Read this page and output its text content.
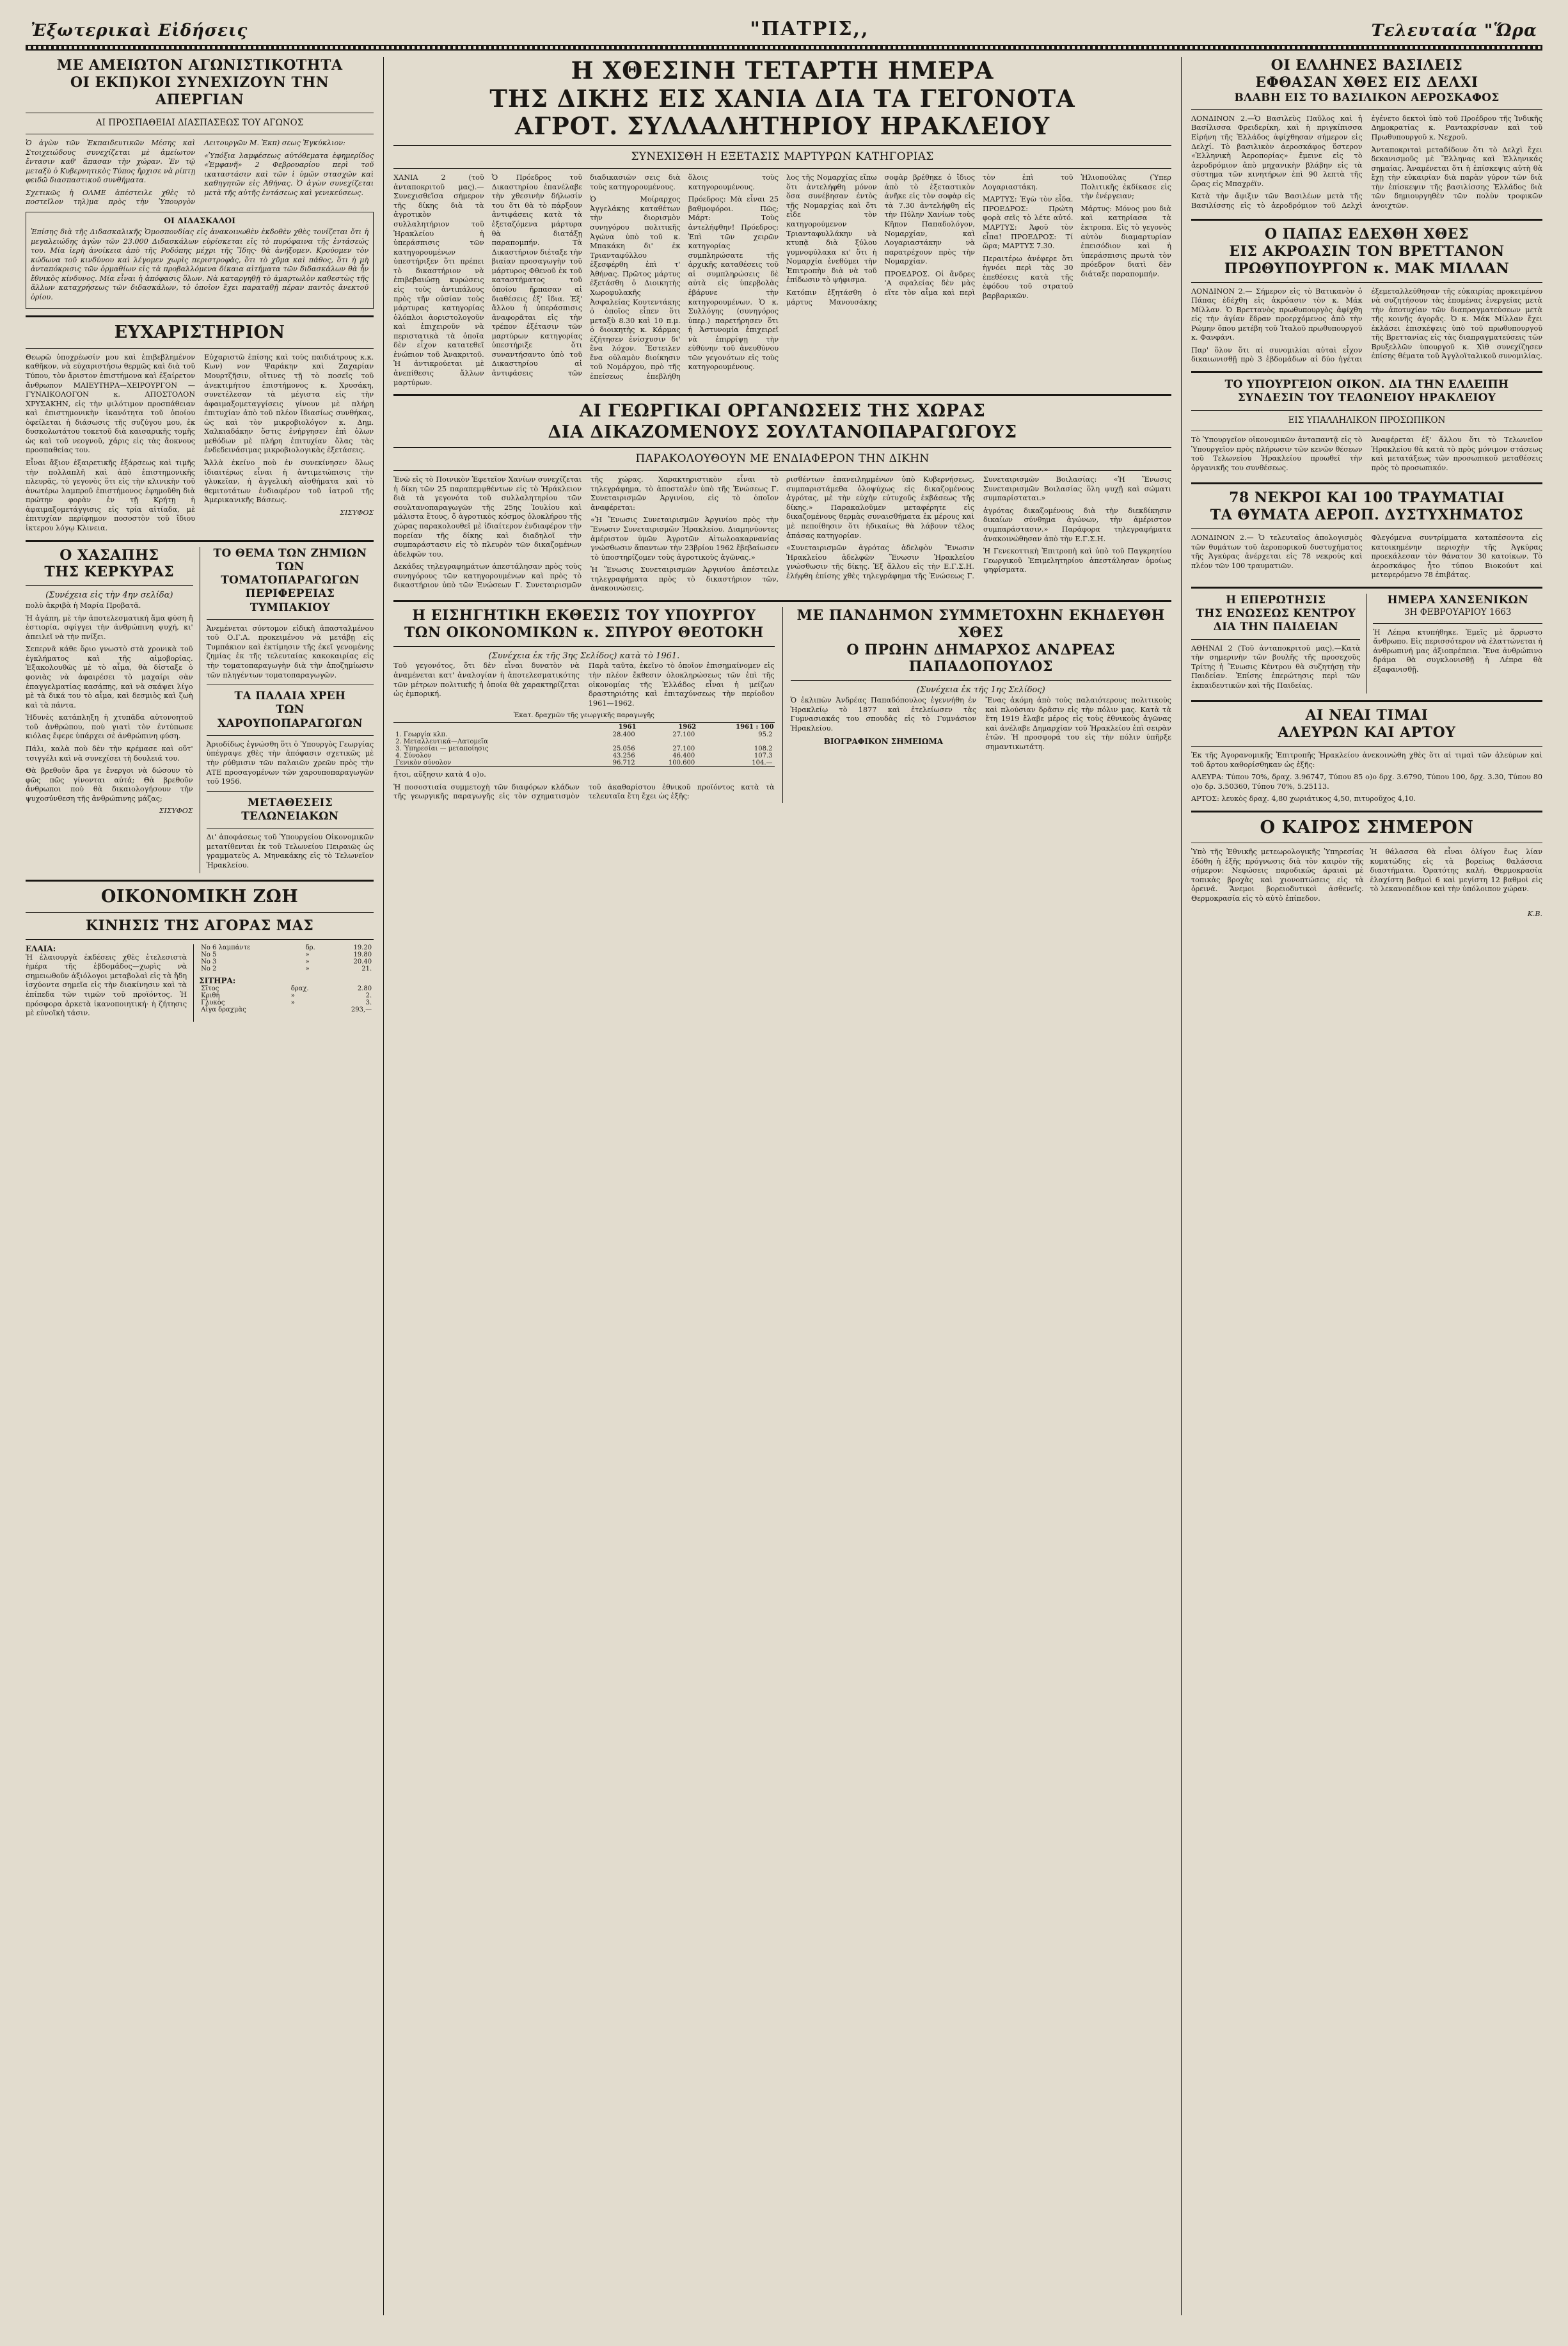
Ἐξωτερικαὶ Εἰδήσεις	"ΠΑΤΡΙΣ,,	Τελευταία "Ὥρα
ΜΕ ΑΜΕΙΩΤΟΝ ΑΓΩΝΙΣΤΙΚΟΤΗΤΑ
ΟΙ ΕΚΠ)ΚΟΙ ΣΥΝΕΧΙΖΟΥΝ ΤΗΝ ΑΠΕΡΓΙΑΝ
ΑΙ ΠΡΟΣΠΑΘΕΙΑΙ ΔΙΑΣΠΑΣΕΩΣ ΤΟΥ ΑΓΩΝΟΣ

Ὁ ἀγὼν τῶν Ἐκπαιδευτικῶν Μέσης καὶ Στοιχειώδους συνεχίζεται μὲ ἀμείωτον ἔντασιν καθ' ἅπασαν τὴν χώραν. Ἐν τῷ μεταξὺ ὁ Κυβερνητικὸς Τύπος ἤρχισε νὰ ρίπτῃ φειδῶ διασπαστικοῦ συνθήματα.

Σχετικῶς ἡ ΟΛΜΕ ἀπέστειλε χθὲς τὸ ποστεῖλον τηλ)μα πρὸς τὴν Ὑπουργὸν Λειτουργῶν Μ. Ἐκπ) σεως Ἐγκύκλιον:

«Ὑπόξια λαμφέσεως αὐτόθεματα ἐφημερίδος «Ἐμφανῆ» 2 Φεβρουαρίου περὶ τοῦ ικαταστάσιν καὶ τῶν ἱ ὑμῶν στασχῶν καὶ καθηγητῶν εἰς Ἀθήνας. Ὁ ἀγὼν συνεχίζεται μετὰ τῆς αὐτῆς ἐντάσεως καὶ γενικεύσεως.

ΟΙ ΔΙΔΑΣΚΑΛΟΙ

Ἐπίσης διὰ τῆς Διδασκαλικῆς Ὁμοσπονδίας εἰς ἀνακοινωθὲν ἐκδοθὲν χθὲς τονίζεται ὅτι ἡ μεγαλειώδης ἀγὼν τῶν 23.000 Διδασκάλων εὑρίσκεται εἰς τὸ πυρόφαινα τῆς ἐντάσεώς του. Μία ἱερὴ ἀνοίκεια ἀπὸ τῆς Ροδόπης μέχρι τῆς Ἵδης· θὰ ἀνήξομεν. Κρούομεν τὸν κώδωνα τοῦ κινδύνου καὶ λέγομεν χωρὶς περιστροφὰς, ὅτι τὸ χῦμα καὶ πάθος, ὅτι ἡ μὴ ἀνταπόκρισις τῶν ὁρμαθίων εἰς τὰ προβαλλόμενα δίκαια αἰτήματα τῶν διδασκάλων θὰ ἦν ἔθνικὸς κίνδυνος. Μία εἶναι ἡ ἀπόφασις ὅλων. Νὰ καταργηθῇ τὸ ἀμαρτωλὸν καθεστὼς τῆς ἄλλων καταχρήσεως τῶν διδασκάλων, τὸ ὁποῖον ἔχει παραταθῇ πέραν παντὸς ἀνεκτοῦ ὁρίου.

ΕΥΧΑΡΙΣΤΗΡΙΟΝ

Θεωρῶ ὑποχρέωσίν μου καὶ ἐπιβεβλημένον καθῆκον, νὰ εὐχαριστήσω θερμῶς καὶ διὰ τοῦ Τύπου, τὸν ἄριστον ἐπιστήμονα καὶ ἐξαίρετον ἄνθρωπον ΜΑΙΕΥΤΗΡΑ—ΧΕΙΡΟΥΡΓΟΝ — ΓΥΝΑΙΚΟΛΟΓΟΝ κ. ΑΠΟΣΤΟΛΟΝ ΧΡΥΣΑΚΗΝ, εἰς τὴν φιλότιμον προσπάθειαν καὶ ἐπιστημονικὴν ἱκανότητα τοῦ ὁποίου ὀφείλεται ἡ διάσωσις τῆς συζύγου μου, ἐκ δυσκολωτάτου τοκετοῦ διὰ καισαρικῆς τομῆς ὡς καὶ τοῦ νεογνοῦ, χάρις εἰς τὰς ἄοκνους προσπαθείας του.

Εἶναι ἄξιον ἐξαιρετικῆς ἐξάρσεως καὶ τιμῆς τὴν πολλαπλῆ καὶ ἀπὸ ἐπιστημονικῆς πλευρᾶς, τὸ γεγονὸς ὅτι εἰς τὴν κλινικὴν τοῦ ἀνωτέρω λαμπροῦ ἐπιστήμονος ἐφημοῦθη διὰ πρώτην φορὰν ἐν τῇ Κρήτῃ ἡ ἀφαιμαξομετάγγισις εἰς τρία αἰτίαδα, μὲ ἐπιτυχίαν περίφημον ποσοστὸν τοῦ ἴδιου ἱκτερου λόγῳ Κλινεια.

Εὐχαριστῶ ἐπίσης καὶ τοὺς παιδιάτρους κ.κ. Κων) νον Ψαράκην καὶ Ζαχαρίαν Μουρτζῆσιν, οἵτινες τῇ τὸ ποσεῖς τοῦ ἀνεκτιμήτου ἐπιστήμονος κ. Χρυσάκη, συνετέλεσαν τὰ μέγιστα εἰς τὴν ἀφαιμαξομεταγγίσεις γίνουν μὲ πλήρη ἐπιτυχίαν ἀπὸ τοῦ πλέον ἴδιασίως συνθήκας, ὡς καὶ τὸν μικροβιολόγον κ. Δημ. Χαλκιαδάκην ὅστις ἐνήργησεν ἐπὶ ὁλων μεθόδων μὲ πλήρη ἐπιτυχίαν ὅλας τὰς ἐνδεδεινάσιμας μικροβιολογικὰς ἐξετάσεις.

Ἄλλὰ ἐκείνο ποὺ ἐν συνεκίνησεν ὅλως ἰδιαιτέρως εἶναι ἡ ἀντιμετώπισις τὴν γλυκεῖαν, ἡ ἀγγελικὴ αἰσθήματα καὶ τὸ θεμιτοτάτων ἐνδιαφέρον τοῦ ἱατροῦ τῆς Ἀμερικανικῆς Βάσεως.

ΣΙΣΥΦΟΣ
Ο ΧΑΣΑΠΗΣ
ΤΗΣ ΚΕΡΚΥΡΑΣ
(Συνέχεια εἰς τὴν 4ην σελίδα)

πολὺ ἀκριβὰ ἡ Μαρία Προβατᾶ.

Ἡ ἀγάπη, μὲ τὴν ἀποτελεσματική ἅμα φύση ἤ ἐστιορία, σφίγγει τὴν ἀνθρώπινη ψυχή, κι' ἀπειλεῖ νὰ τὴν πνίξει.

Σεπερνᾶ κάθε ὅριο γνωστὸ στὰ χρονικὰ τοῦ ἐγκλήματος καὶ τῆς αἱμοβορίας. Ἐξακολουθῶς μὲ τὸ αἷμα, θὰ δίσταξε ὁ φονιὰς νὰ ἀφαιρέσει τὸ μαχαίρι σὰν ἐπαγγελματίας κασάπης, καὶ νὰ σκάψει λίγο μὲ τὰ δικά του τὸ αἷμα, καὶ δεσμιὸς καὶ ζωὴ καὶ τὰ πάντα.

Ἡδυνὲς κατάπληξη ἡ χτυπᾶδα αὐτονοητοῦ τοῦ ἀνθρώπου, ποὺ γιατὶ τὸν ἐντύπωσε κιόλας ἔφερε ὑπάρχει σὲ ἀνθρώπινη φύση.

Πάλι, καλὰ ποὺ δὲν τὴν κρέμασε καὶ οὔτ' τσιγγέλι καὶ νὰ συνεχίσει τὴ δουλειά του.

Θὰ βρεθοῦν ἄρα γε ἔνεργοι νὰ δώσουν τὸ φῶς πῶς γίνονται αὐτά; Θὰ βρεθοῦν ἄνθρωποι ποὺ θὰ δικαιολογήσουν τὴν ψυχοσύνθεση τῆς ἀνθρώπινης μάζας;

ΣΙΣΥΦΟΣ
ΤΟ ΘΕΜΑ ΤΩΝ ΖΗΜΙΩΝ
ΤΩΝ ΤΟΜΑΤΟΠΑΡΑΓΩΓΩΝ
ΠΕΡΙΦΕΡΕΙΑΣ ΤΥΜΠΑΚΙΟΥ

Ἀνεμένεται σύντομον εἰδικὴ ἀπασταλμένου τοῦ Ο.Γ.Α. προκειμένου νὰ μετάβῃ εἰς Τυμπάκιον καὶ ἐκτίμησιν τῆς ἐκεῖ γενομένης ζημίας ἐκ τῆς τελευταίας κακοκαιρίας εἰς τὴν τοματοπαραγωγὴν διὰ τὴν ἀποζημίωσιν τῶν πληγέντων τοματοπαραγωγῶν.

ΤΑ ΠΑΛΑΙΑ ΧΡΕΗ
ΤΩΝ ΧΑΡΟΥΠΟΠΑΡΑΓΩΓΩΝ

Ἀριοδίδως ἐγνώσθη ὅτι ὁ Ὑπουργὸς Γεωργίας ὑπέγραψε χθὲς τὴν ἀπόφασιν σχετικῶς μὲ τὴν ρύθμισιν τῶν παλαιῶν χρεῶν πρὸς τὴν ΑΤΕ προσαγομένων τῶν χαρουποπαραγωγῶν τοῦ 1956.

ΜΕΤΑΘΕΣΕΙΣ ΤΕΛΩΝΕΙΑΚΩΝ

Δι' ἀποφάσεως τοῦ Ὑπουργείου Οἰκονομικῶν μετατίθενται ἐκ τοῦ Τελωνείου Πειραιῶς ὡς γραμματεὺς Α. Μηνακάκης εἰς τὸ Τελωνεῖον Ἡρακλείου.

ΟΙΚΟΝΟΜΙΚΗ ΖΩΗ
ΚΙΝΗΣΙΣ ΤΗΣ ΑΓΟΡΑΣ ΜΑΣ
ΕΛΑΙΑ:

Ἡ ἐλαιουργὰ ἐκδέσεις χθὲς ἐτελεσιστὰ ἡμέρα τῆς ἑβδομάδος—χωρὶς νὰ σημειωθοῦν ἀξιόλογοι μεταβολαὶ εἰς τὰ ἤδη ἰσχύοντα σημεῖα εἰς τὴν διακίνησιν καὶ τὰ ἐπίπεδα τῶν τιμῶν τοῦ προϊόντος. Ἡ πρόσφορα ἀρκετὰ ἱκανοποιητική· ἡ ζήτησις μὲ εὐνοϊκὴ τάσιν.

Νο 6 λαμπάντε	δρ.	19.20
Νο 5	»	19.80
Νο 3	»	20.40
Νο 2	»	21.
ΣΙΤΗΡΑ:
Σῖτος	δραχ.	2.80
Κριθή	»	2.
Γλυκὸς	»	3.
Αἶγα δραχμὰς		293,—
Η ΧΘΕΣΙΝΗ ΤΕΤΑΡΤΗ ΗΜΕΡΑ
ΤΗΣ ΔΙΚΗΣ ΕΙΣ ΧΑΝΙΑ ΔΙΑ ΤΑ ΓΕΓΟΝΟΤΑ
ΑΓΡΟΤ. ΣΥΛΛΑΛΗΤΗΡΙΟΥ ΗΡΑΚΛΕΙΟΥ
ΣΥΝΕΧΙΣΘΗ Η ΕΞΕΤΑΣΙΣ ΜΑΡΤΥΡΩΝ ΚΑΤΗΓΟΡΙΑΣ

ΧΑΝΙΑ 2 (τοῦ ἀνταποκριτοῦ μας).—Συνεχισθεῖσα σήμερον τῆς δίκης διὰ τὰ ἀγροτικὸν συλλαλητήριον τοῦ Ἡρακλείου ἡ ὑπεράσπισις τῶν κατηγορουμένων ὑπεστήριξεν ὅτι πρέπει τὸ δικαστήριον νὰ ἐπιβεβαιώσῃ κυρώσεις εἰς τοὺς ἀντιπάλους πρὸς τῆν οὐσίαν τοὺς μάρτυρας κατηγορίας ὁλόπλοι ἀοριστολογοῦν καὶ ἐπιχειροῦν νὰ περιστατικὰ τὰ ὁποῖα δὲν εἶχον κατατεθεῖ ἑνώπιον τοῦ Ἀνακριτοῦ. Ἡ ἀντικρούεται μὲ ἀνεπίθεσις ἄλλων μαρτύρων.

Ὁ Πρόεδρος τοῦ Δικαστηρίου ἐπανέλαβε τὴν χθεσινὴν δήλωσίν του ὅτι θὰ τὸ πάρξουν ἀντιφάσεις κατὰ τὰ ἐξεταζόμενα μάρτυρα θὰ διατάξῃ παραπομπήν. Τὰ Δικαστήριον διέταξε τὴν βιαίαν προσαγωγὴν τοῦ μάρτυρος Φθενοῦ ἐκ τοῦ καταστήματος τοῦ ὁποίου ἤρπασαν αἱ διαθέσεις ἐξ' ἴδια. Ἐξ' ἄλλου ἡ ὑπεράσπισις ἀναφορᾶται εἰς τὴν τρέπον ἐξέτασιν τῶν μαρτύρων κατηγορίας ὑπεστήριξε ὅτι συναντήσαντο ὑπὸ τοῦ Δικαστηρίου αἱ ἀντιφάσεις τῶν διαδικασιῶν σεις διὰ τοὺς κατηγορουμένους.

Ὁ Μοίραρχος Ἀγγελάκης καταθέτων τὴν διορισμὸν συνηγόρου πολιτικῆς Ἀγώνα ὑπὸ τοῦ κ. Μπακάκη δι' ἐκ Τριανταφύλλου ἐξεσφέρθη ἐπὶ τ' Ἀθήνας. Πρῶτος μάρτυς ἐξετάσθη ὁ Διοικητὴς Χωροφυλακῆς Ἀσφαλείας Κουτεντάκης ὁ ὁποῖος εἶπεν ὅτι μεταξὺ 8.30 καὶ 10 π.μ. ὁ διοικητὴς κ. Κάρμας ἐζήτησεν ἐνίσχυσιν δι' ἕνα λόχον. Ἔστειλεν ἕνα οὐλαμὸν διοίκησιν τοῦ Νομάρχου, πρὸ τῆς ἐπείσεως ἐπεβλήθη ὅλοις τοὺς κατηγορουμένους.

Πρόεδρος: Μὰ εἶναι 25 βαθμοφόροι. Πῶς; Μάρτ: Τοὺς ἀντελήφθην! Πρόεδρος: Ἐπὶ τῶν χειρῶν κατηγορίας συμπληρώσατε τῆς ἀρχικῆς καταθέσεις τοῦ αἱ συμπληρώσεις δὲ αὐτὰ εἰς ὑπερβολὰς ἐβάρυνε τὴν κατηγορουμένων. Ὁ κ. Συλλόγης (συνηγόρος ὑπερ.) παρετήρησεν ὅτι ἡ Ἀστυνομία ἐπιχειρεῖ νὰ ἐπιρρίψῃ τὴν εὐθύνην τοῦ ἀνευθύνου τῶν γεγονότων εἰς τοὺς κατηγορουμένους.

λος τῆς Νομαρχίας εἴπω ὅτι ἀντελήφθη μόνον ὅσα συνέβησαν ἐντὸς τῆς Νομαρχίας καὶ ὅτι εἶδε τὸν κατηγορούμενον Τριανταφυλλάκην νὰ κτυπᾷ διὰ ξύλου γυμνοφύλακα κι' ὅτι ἡ Νομαρχία ἐνεθύμει τὴν Ἐπιτροπὴν διὰ νὰ τοῦ ἐπίδωσιν τὸ ψήφισμα.

Κατόπιν ἐξητάσθη ὁ μάρτυς Μανουσάκης σοφὰρ βρέθηκε ὁ ἴδιος ἀπὸ τὸ ἐξεταστικὸν ἀνῆκε εἰς τὸν σοφὰρ εἰς τὰ 7.30 ἀντελήφθη εἰς τὴν Πύλην Χανίων τοὺς Κῆπον Παπαδολόγον, Νομαρχίαν, καὶ Λογαριαστάκην νὰ παρατρέχουν πρὸς τὴν Νομαρχίαν.

ΠΡΟΕΔΡΟΣ. Οἱ ἄνδρες 'Α σφαλείας δὲν μὰς εἴτε τὸν αἷμα καὶ περὶ τὸν ἐπὶ τοῦ Λογαριαστάκη.

ΜΑΡΤΥΣ: Ἐγὼ τὸν εἶδα. ΠΡΟΕΔΡΟΣ: Πρώτη φορὰ σεῖς τὸ λέτε αὐτό. ΜΑΡΤΥΣ: Ἀφοῦ τὸν εἶπα! ΠΡΟΕΔΡΟΣ: Τί ὥρα; ΜΑΡΤΥΣ 7.30.

Περαιτέρω ἀνέφερε ὅτι ἠγνόει περὶ τὰς 30 ἐπεθέσεις κατὰ τῆς ἐφόδου τοῦ στρατοῦ βαρβαρικῶν. Ἡλιοπούλας (Ὑπερ Πολιτικῆς ἐκδίκασε εἰς τὴν ἐνέργειαν;

Μάρτυς: Μόνος μου διὰ καὶ κατηρίασα τὰ ἐκτροπα. Εἰς τὸ γεγονὸς αὐτὸν διαμαρτυρίαν ἐπεισόδιον καὶ ἡ ὑπεράσπισις πρωτὰ τὸν πρόεδρον διατὶ δὲν διάταξε παραπομπήν.

ΑΙ ΓΕΩΡΓΙΚΑΙ ΟΡΓΑΝΩΣΕΙΣ ΤΗΣ ΧΩΡΑΣ
ΔΙΑ ΔΙΚΑΖΟΜΕΝΟΥΣ ΣΟΥΛΤΑΝΟΠΑΡΑΓΩΓΟΥΣ
ΠΑΡΑΚΟΛΟΥΘΟΥΝ ΜΕ ΕΝΔΙΑΦΕΡΟΝ ΤΗΝ ΔΙΚΗΝ

Ἐνῶ εἰς τὸ Ποινικὸν Ἐφετεῖον Χανίων συνεχίζεται ἡ δίκη τῶν 25 παραπεμφθέντων εἰς τὸ Ἡράκλειον διὰ τὰ γεγονότα τοῦ συλλαλητηρίου τῶν σουλτανοπαραγωγῶν τῆς 25ης Ἰουλίου καὶ μάλιστα ἔτους, ὅ ἀγροτικὸς κόσμος ὁλοκλήρου τῆς χώρας παρακολουθεῖ μὲ ἰδιαίτερον ἐνδιαφέρον τὴν πορείαν τῆς δίκης καὶ διαδηλοῖ τὴν συμπαράστασιν εἰς τὸ πλευρὸν τῶν δικαζομένων ἀδελφῶν του.

Δεκάδες τηλεγραφημάτων ἀπεστάλησαν πρὸς τοὺς συνηγόρους τῶν κατηγορουμένων καὶ πρὸς τὸ δικαστήριον ὑπὸ τῶν Ἑνώσεων Γ. Συνεταιρισμῶν τῆς χώρας. Χαρακτηριστικὸν εἶναι τὸ τηλεγράφημα, τὸ ἀποσταλὲν ὑπὸ τῆς Ἑνώσεως Γ. Συνεταιρισμῶν Ἀργινίου, εἰς τὸ ὁποῖον ἀναφέρεται:

«Ἡ Ἕνωσις Συνεταιρισμῶν Ἀργινίου πρὸς τὴν Ἕνωσιν Συνεταιρισμῶν Ἡρακλείου. Διαμηνύοντες ἀμέριστον ὑμῶν Ἀγροτῶν Αἰτωλοακαρνανίας γνώσθωσιν ἅπαντων τὴν 23βρίου 1962 ἔβεβαίωσεν τὸ ὑποστηρίζομεν τοὺς ἀγροτικοὺς ἀγῶνας.»

Ἡ Ἕνωσις Συνεταιρισμῶν Ἀργινίου ἀπέστειλε τηλεγραφήματα πρὸς τὸ δικαστήριον τῶν, ἀνακοινώσεις.

ρισθέντων ἐπανειλημμένων ὑπὸ Κυβερνήσεως, συμπαριστάμεθα ὁλοψύχως εἰς δικαζομένους ἀγρότας, μὲ τὴν εὐχὴν εὐτυχοῦς ἐκβάσεως τῆς δίκης.» Παρακαλοῦμεν μεταφέρητε εἰς δικαζομένους θερμὰς συναισθήματα ἐκ μέρους καὶ μὲ πεποίθησιν ὅτι ἡδικαίως θὰ λάβουν τέλος ἁπάσας κατηγορίαν.

«Συνεταιρισμῶν ἀγρότας ἀδελφὸν Ἕνωσιν Ἡρακλείου ἀδελφῶν Ἕνωσιν Ἡρακλείου γνώσθωσιν τῆς δίκης. Ἐξ ἄλλου εἰς τὴν Ε.Γ.Σ.Η. ἐλήφθη ἐπίσης χθὲς τηλεγράφημα τῆς Ἑνώσεως Γ. Συνεταιρισμῶν Βοιλασίας: «Ἡ Ἕνωσις Συνεταιρισμῶν Βοιλασίας ὅλη ψυχῇ καὶ σώματι συμπαρίσταται.»

ἀγρότας δικαζομένους διὰ τὴν διεκδίκησιν δικαίων σύνθημα ἀγώνων, τὴν ἀμέριστον συμπαράστασιν.» Παράφορα τηλεγραφήματα ἀνακοινώθησαν ἀπὸ τὴν Ε.Γ.Σ.Η.

Ἡ Γενεκοττικὴ Ἐπιτροπὴ καὶ ὑπὸ τοῦ Παγκρητίου Γεωργικοῦ Ἐπιμελητηρίου ἀπεστάλησαν ὁμοίως ψηφίσματα.

Η ΕΙΣΗΓΗΤΙΚΗ ΕΚΘΕΣΙΣ ΤΟΥ ΥΠΟΥΡΓΟΥ
ΤΩΝ ΟΙΚΟΝΟΜΙΚΩΝ κ. ΣΠΥΡΟΥ ΘΕΟΤΟΚΗ
(Συνέχεια ἐκ τῆς 3ης Σελίδος) κατὰ τὸ 1961.

Τοῦ γεγονότος, ὅτι δὲν εἶναι δυνατὸν νὰ ἀναμένεται κατ' ἀναλογίαν ἡ ἀποτελεσματικότης τῶν μέτρων πολιτικῆς ἡ ὁποία θὰ χαρακτηρίζεται ὡς ἐμπορική.

Παρὰ ταῦτα, ἐκεῖνο τὸ ὁποῖον ἐπισημαίνομεν εἰς τὴν πλέον ἔκθεσιν ὁλοκληρώσεως τῶν ἐπὶ τῆς οἰκονομίας τῆς Ἑλλάδος εἶναι ἡ μείζων δραστηριότης καὶ ἐπιταχύνσεως τὴν περίοδον 1961—1962.

Ἑκατ. δραχμῶν τῆς γεωργικῆς παραγωγῆς
	1961	1962	1961 : 100
1. Γεωργία κλπ.	28.400	27.100	95.2
2. Μεταλλευτικά—Λατομεῖα			
3. Ὑπηρεσίαι — μεταποίησις	25.056	27.100	108.2
4. Σύνολον	43.256	46.400	107.3
Γενικὸν σύνολον	96.712	100.600	104.—

ἤτοι, αὔξησιν κατὰ 4 ο)ο.

Ἡ ποσοστιαία συμμετοχὴ τῶν διαφόρων κλάδων τῆς γεωργικῆς παραγωγῆς εἰς τὸν σχηματισμὸν τοῦ ἀκαθαρίστου ἐθνικοῦ προϊόντος κατὰ τὰ τελευταῖα ἔτη ἔχει ὡς ἑξῆς:

ΜΕ ΠΑΝΔΗΜΟΝ ΣΥΜΜΕΤΟΧΗΝ ΕΚΗΔΕΥΘΗ ΧΘΕΣ
Ο ΠΡΩΗΝ ΔΗΜΑΡΧΟΣ ΑΝΔΡΕΑΣ ΠΑΠΑΔΟΠΟΥΛΟΣ
(Συνέχεια ἐκ τῆς 1ης Σελίδος)

Ὁ ἐκλιπὼν Ἀνδρέας Παπαδόπουλος ἐγεννήθη ἐν Ἡρακλείῳ τὸ 1877 καὶ ἐτελείωσεν τὰς Γυμνασιακάς του σπουδὰς εἰς τὸ Γυμνάσιον Ἡρακλείου.

ΒΙΟΓΡΑΦΙΚΟΝ ΣΗΜΕΙΩΜΑ

Ἔνας ἀκόμη ἀπὸ τοὺς παλαιότερους πολιτικοὺς καὶ πλούσιαν δρᾶσιν εἰς τὴν πόλιν μας. Κατὰ τὰ ἔτη 1919 ἔλαβε μέρος εἰς τοὺς ἐθνικοὺς ἀγῶνας καὶ ἀνέλαβε Δημαρχίαν τοῦ Ἡρακλείου ἐπὶ σειρὰν ἐτῶν. Ἡ προσφορά του εἰς τὴν πόλιν ὑπῆρξε σημαντικωτάτη.

ΟΙ ΕΛΛΗΝΕΣ ΒΑΣΙΛΕΙΣ
ΕΦΘΑΣΑΝ ΧΘΕΣ ΕΙΣ ΔΕΛΧΙ
ΒΛΑΒΗ ΕΙΣ ΤΟ ΒΑΣΙΛΙΚΟΝ ΑΕΡΟΣΚΑΦΟΣ

ΛΟΝΔΙΝΟΝ 2.—Ὁ Βασιλεὺς Παῦλος καὶ ἡ Βασίλισσα Φρειδερίκη, καὶ ἡ πριγκίπισσα Εἰρήνη τῆς Ἑλλάδος ἀφίχθησαν σήμερον εἰς Δελχί. Τὸ βασιλικὸν ἀεροσκάφος ὕστερον «Ἑλληνικὴ Ἀεροπορίας» ἔμεινε εἰς τὸ ἀεροδρόμιον ἀπὸ μηχανικὴν βλάβην εἰς τὰ σύστημα τῶν κινητήρων ἐπὶ 90 λεπτὰ τῆς ὥρας εἰς Μπαχρέϊν.

Κατὰ τὴν ἄφιξιν τῶν Βασιλέων μετὰ τῆς Βασιλίσσης εἰς τὸ ἀεροδρόμιον τοῦ Δελχὶ ἐγένετο δεκτοὶ ὑπὸ τοῦ Προέδρου τῆς Ἰνδικῆς Δημοκρατίας κ. Ραντακρίσναν καὶ τοῦ Πρωθυπουργοῦ κ. Νεχροῦ.

Ἀνταποκριταὶ μεταδίδουν ὅτι τὸ Δελχὶ ἔχει δεκανισμοῦς μὲ Ἕλληνας καὶ Ἑλληνικάς σημαίας. Ἀναμένεται ὅτι ἡ ἐπίσκεψις αὐτὴ θὰ ἔχῃ τὴν εὐκαιρίαν διὰ παρὰν γύρον τῶν διὰ τὴν ἐπίσκεψιν τῆς βασιλίσσης Ἑλλάδος διὰ τῶν δημιουργηθὲν τῶν πολὺν τροφικῶν ἀνοιχτῶν.

Ο ΠΑΠΑΣ ΕΔΕΧΘΗ ΧΘΕΣ
ΕΙΣ ΑΚΡΟΑΣΙΝ ΤΟΝ ΒΡΕΤΤΑΝΟΝ
ΠΡΩΘΥΠΟΥΡΓΟΝ κ. ΜΑΚ ΜΙΛΛΑΝ

ΛΟΝΔΙΝΟΝ 2.— Σήμερον εἰς τὸ Βατικανὸν ὁ Πάπας ἐδέχθη εἰς ἀκρόασιν τὸν κ. Μάκ Μίλλαν. Ὁ Βρεττανὸς πρωθυπουργὸς ἀφίχθη εἰς τὴν ἁγίαν ἕδραν προερχόμενος ἀπὸ τὴν Ρώμην ὅπου μετέβη τοῦ Ἰταλοῦ πρωθυπουργοῦ κ. Φανφάνι.

Παρ' ὅλον ὅτι αἱ συνομιλίαι αὐταὶ εἶχον δικαιωνισθῇ πρὸ 3 ἑβδομάδων αἱ δύο ἡγέται ἐξεμεταλλεύθησαν τῆς εὐκαιρίας προκειμένου νὰ συζητήσουν τὰς ἐπομένας ἐνεργείας μετὰ τὴν ἀποτυχίαν τῶν διαπραγματεύσεων μετὰ τῆς κοινῆς ἀγορᾶς. Ὁ κ. Μάκ Μίλλαν ἔχει ἐκλάσει ἐπισκέψεις ὑπὸ τοῦ πρωθυπουργοῦ τῆς Βρεττανίας εἰς τὰς διαπραγματεύσεις τῶν Βρυξελλῶν ὑπουργοῦ κ. Χὶθ συνεχίζησεν ἐπίσης θέματα τοῦ Ἀγγλοϊταλικοῦ συνομιλίας.

ΤΟ ΥΠΟΥΡΓΕΙΟΝ ΟΙΚΟΝ. ΔΙΑ ΤΗΝ ΕΛΛΕΙΠΗ
ΣΥΝΔΕΣΙΝ ΤΟΥ ΤΕΛΩΝΕΙΟΥ ΗΡΑΚΛΕΙΟΥ
ΕΙΣ ΥΠΑΛΛΗΛΙΚΟΝ ΠΡΟΣΩΠΙΚΟΝ

Τὸ Ὑπουργεῖον οἰκονομικῶν ἀνταπαντᾷ εἰς τὸ Ὑπουργεῖον πρὸς πλήρωσιν τῶν κενῶν θέσεων τοῦ Τελωνείου Ἡρακλείου προωθεῖ τὴν ὀργανικῆς του συνθέσεως.

Ἀναφέρεται ἐξ' ἄλλου ὅτι τὸ Τελωνεῖον Ἡρακλείου θὰ κατὰ τὸ πρὸς μόνιμον στάσεως καὶ μετατάξεως τῶν προσωπικοῦ μεταθέσεις πρὸς τὸ προσωπικόν.

78 ΝΕΚΡΟΙ ΚΑΙ 100 ΤΡΑΥΜΑΤΙΑΙ
ΤΑ ΘΥΜΑΤΑ ΑΕΡΟΠ. ΔΥΣΤΥΧΗΜΑΤΟΣ

ΛΟΝΔΙΝΟΝ 2.— Ὁ τελευταῖος ἀπολογισμὸς τῶν θυμάτων τοῦ ἀεροπορικοῦ δυστυχήματος τῆς Ἀγκύρας ἀνέρχεται εἰς 78 νεκροὺς καὶ πλέον τῶν 100 τραυματιῶν.

Φλεγόμενα συντρίμματα καταπέσοντα εἰς κατοικημένην περιοχὴν τῆς Ἀγκύρας προεκάλεσαν τὸν θάνατον 30 κατοίκων. Τὸ ἀεροσκάφος ἦτο τύπου Βιοκούντ καὶ μετεφερόμενο 78 ἐπιβάτας.

Η ΕΠΕΡΩΤΗΣΙΣ
ΤΗΣ ΕΝΩΣΕΩΣ ΚΕΝΤΡΟΥ
ΔΙΑ ΤΗΝ ΠΑΙΔΕΙΑΝ

ΑΘΗΝΑΙ 2 (Τοῦ ἀνταποκριτοῦ μας).—Κατὰ τὴν σημερινὴν τῶν βουλῆς τῆς προσεχοῦς Τρίτης ἡ Ἕνωσις Κέντρου θὰ συζητήσῃ τὴν Παιδείαν. Ἐπίσης ἐπερώτησις περὶ τῶν ἐκπαιδευτικῶν καὶ τῆς Παιδείας.

ΗΜΕΡΑ ΧΑΝΣΕΝΙΚΩΝ
3Η ΦΕΒΡΟΥΑΡΙΟΥ 1663

Ἡ Λέπρα κτυπήθηκε. Ἐμεῖς μὲ ἄρρωστο ἄνθρωπο. Εἰς περισσότερον νὰ ἐλαττώνεται ἡ ἀνθρωπινή μας ἀξιοπρέπεια. Ἕνα ἀνθρώπινο δράμα θὰ συγκλονισθῇ ἡ Λέπρα θὰ ἐξαφανισθῇ.

ΑΙ ΝΕΑΙ ΤΙΜΑΙ
ΑΛΕΥΡΩΝ ΚΑΙ ΑΡΤΟΥ

Ἐκ τῆς Ἀγορανομικῆς Ἐπιτροπῆς Ἡρακλείου ἀνεκοινώθη χθὲς ὅτι αἱ τιμαὶ τῶν ἀλεύρων καὶ τοῦ ἄρτου καθορίσθηκαν ὡς ἑξῆς:

ΑΛΕΥΡΑ: Τύπου 70%, δραχ. 3.96747, Τύπου 85 ο)ο δρχ. 3.6790, Τύπου 100, δρχ. 3.30, Τύπου 80 ο)ο δρ. 3.50360, Τύπου 70%, 5.25113.

ΑΡΤΟΣ: λευκὸς δραχ. 4,80 χωριάτικος 4,50, πιτυροῦχος 4,10.

Ο ΚΑΙΡΟΣ ΣΗΜΕΡΟΝ

Ὑπὸ τῆς Ἐθνικῆς μετεωρολογικῆς Ὑπηρεσίας ἐδόθη ἡ ἑξῆς πρόγνωσις διὰ τὸν καιρὸν τῆς σήμερον: Νεφώσεις παροδικῶς ἀραιαὶ μὲ τοπικὰς βροχὰς καὶ χιονοπτώσεις εἰς τὰ ὀρεινά. Ἄνεμοι βορειοδυτικοὶ ἀσθενεῖς. Θερμοκρασία εἰς τὸ αὐτὸ ἐπίπεδον.

Ἡ θάλασσα θὰ εἶναι ὀλίγον ἕως λίαν κυματώδης εἰς τὰ βορείως θαλάσσια διαστήματα. Ὁρατότης καλή. Θερμοκρασία ἐλαχίστη βαθμοὶ 6 καὶ μεγίστη 12 βαθμοὶ εἰς τὸ λεκανοπέδιον καὶ τὴν ὑπόλοιπον χώραν.

Κ.Β.
